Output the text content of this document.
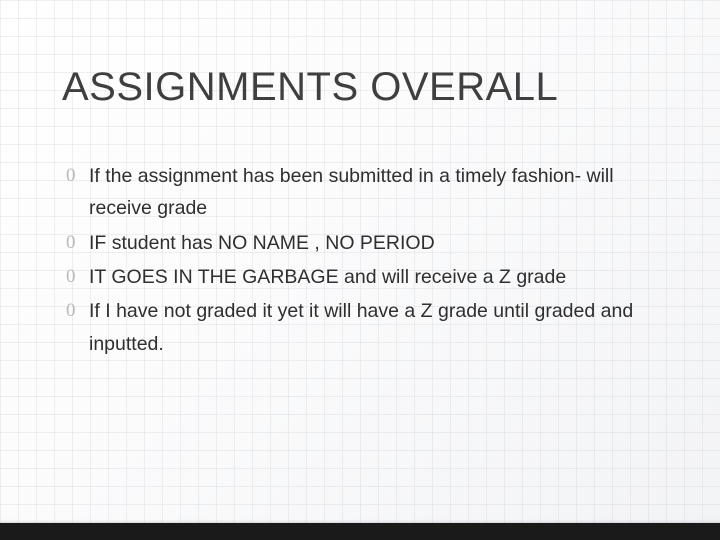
ASSIGNMENTS OVERALL
0 If the assignment has been submitted in a timely fashion- will receive grade
0 IF student has NO NAME , NO PERIOD
0 IT GOES IN THE GARBAGE and will receive a Z grade
0 If I have not graded it yet it will have a Z grade until graded and inputted.
